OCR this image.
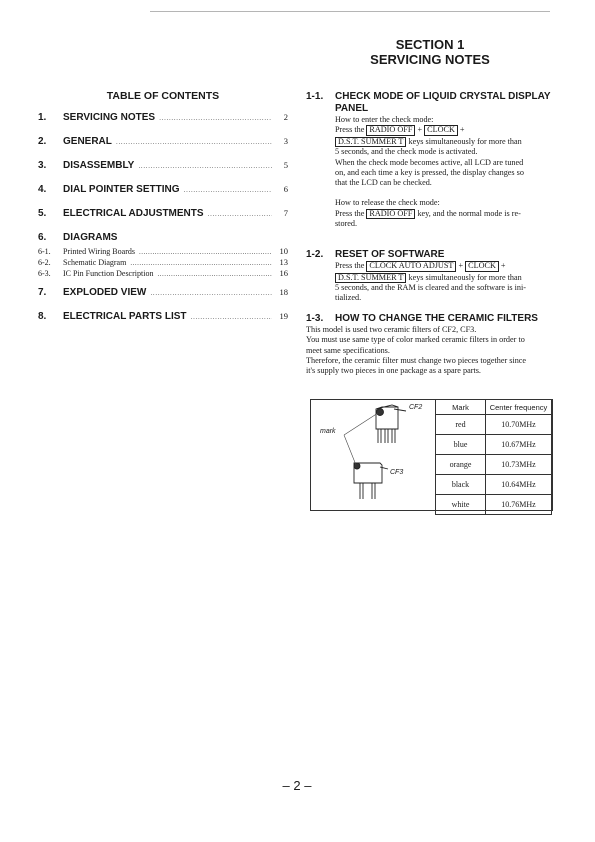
SECTION 1
SERVICING NOTES
TABLE OF CONTENTS
1.	SERVICING NOTES .....	2
2.	GENERAL .....	3
3.	DISASSEMBLY .....	5
4.	DIAL POINTER SETTING .....	6
5.	ELECTRICAL ADJUSTMENTS .....	7
6.	DIAGRAMS
6-1.	Printed Wiring Boards .....	10
6-2.	Schematic Diagram .....	13
6-3.	IC Pin Function Description .....	16
7.	EXPLODED VIEW .....	18
8.	ELECTRICAL PARTS LIST .....	19
1-1.	CHECK MODE OF LIQUID CRYSTAL DISPLAY PANEL
How to enter the check mode:
Press the RADIO OFF + CLOCK +
D.S.T. SUMMER T keys simultaneously for more than
5 seconds, and the check mode is activated.
When the check mode becomes active, all LCD are tuned
on, and each time a key is pressed, the display changes so
that the LCD can be checked.
How to release the check mode:
Press the RADIO OFF key, and the normal mode is re-
stored.
1-2.	RESET OF SOFTWARE
Press the CLOCK AUTO ADJUST + CLOCK +
D.S.T. SUMMER T keys simultaneously for more than
5 seconds, and the RAM is cleared and the software is ini-
tialized.
1-3.	HOW TO CHANGE THE CERAMIC FILTERS
This model is used two ceramic filters of CF2, CF3.
You must use same type of color marked ceramic filters in order to
meet same specifications.
Therefore, the ceramic filter must change two pieces together since
it's supply two pieces in one package as a spare parts.
CF2
CF3
mark
Mark	Center frequency
red	10.70MHz
blue	10.67MHz
orange	10.73MHz
black	10.64MHz
white	10.76MHz
– 2 –
